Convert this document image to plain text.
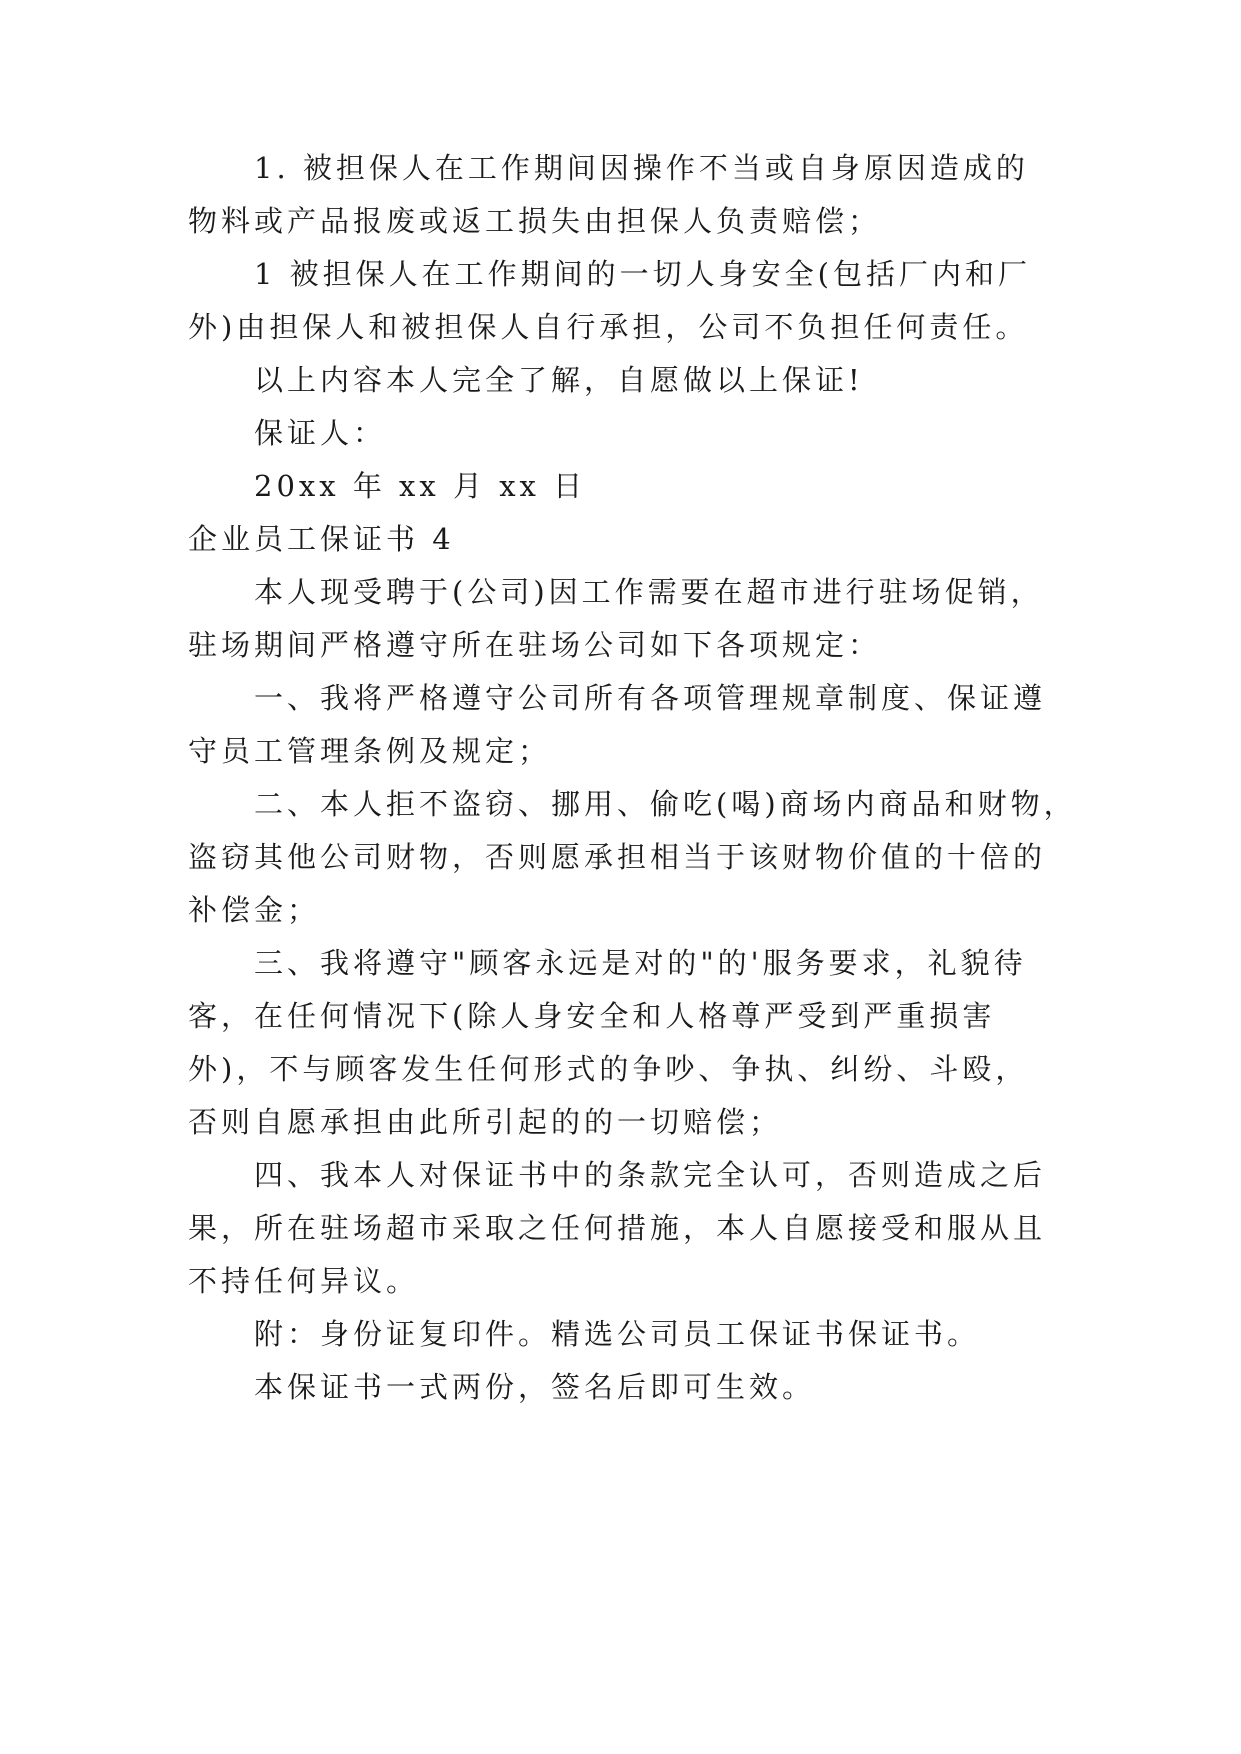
1. 被担保人在工作期间因操作不当或自身原因造成的
物料或产品报废或返工损失由担保人负责赔偿；
1 被担保人在工作期间的一切人身安全(包括厂内和厂
外)由担保人和被担保人自行承担，公司不负担任何责任。
以上内容本人完全了解，自愿做以上保证!
保证人：
20xx 年 xx 月 xx 日
企业员工保证书 4
本人现受聘于(公司)因工作需要在超市进行驻场促销，
驻场期间严格遵守所在驻场公司如下各项规定：
一、我将严格遵守公司所有各项管理规章制度、保证遵
守员工管理条例及规定；
二、本人拒不盗窃、挪用、偷吃(喝)商场内商品和财物，
盗窃其他公司财物，否则愿承担相当于该财物价值的十倍的
补偿金；
三、我将遵守"顾客永远是对的"的'服务要求，礼貌待
客，在任何情况下(除人身安全和人格尊严受到严重损害
外)，不与顾客发生任何形式的争吵、争执、纠纷、斗殴，
否则自愿承担由此所引起的的一切赔偿；
四、我本人对保证书中的条款完全认可，否则造成之后
果，所在驻场超市采取之任何措施，本人自愿接受和服从且
不持任何异议。
附：身份证复印件。精选公司员工保证书保证书。
本保证书一式两份，签名后即可生效。
